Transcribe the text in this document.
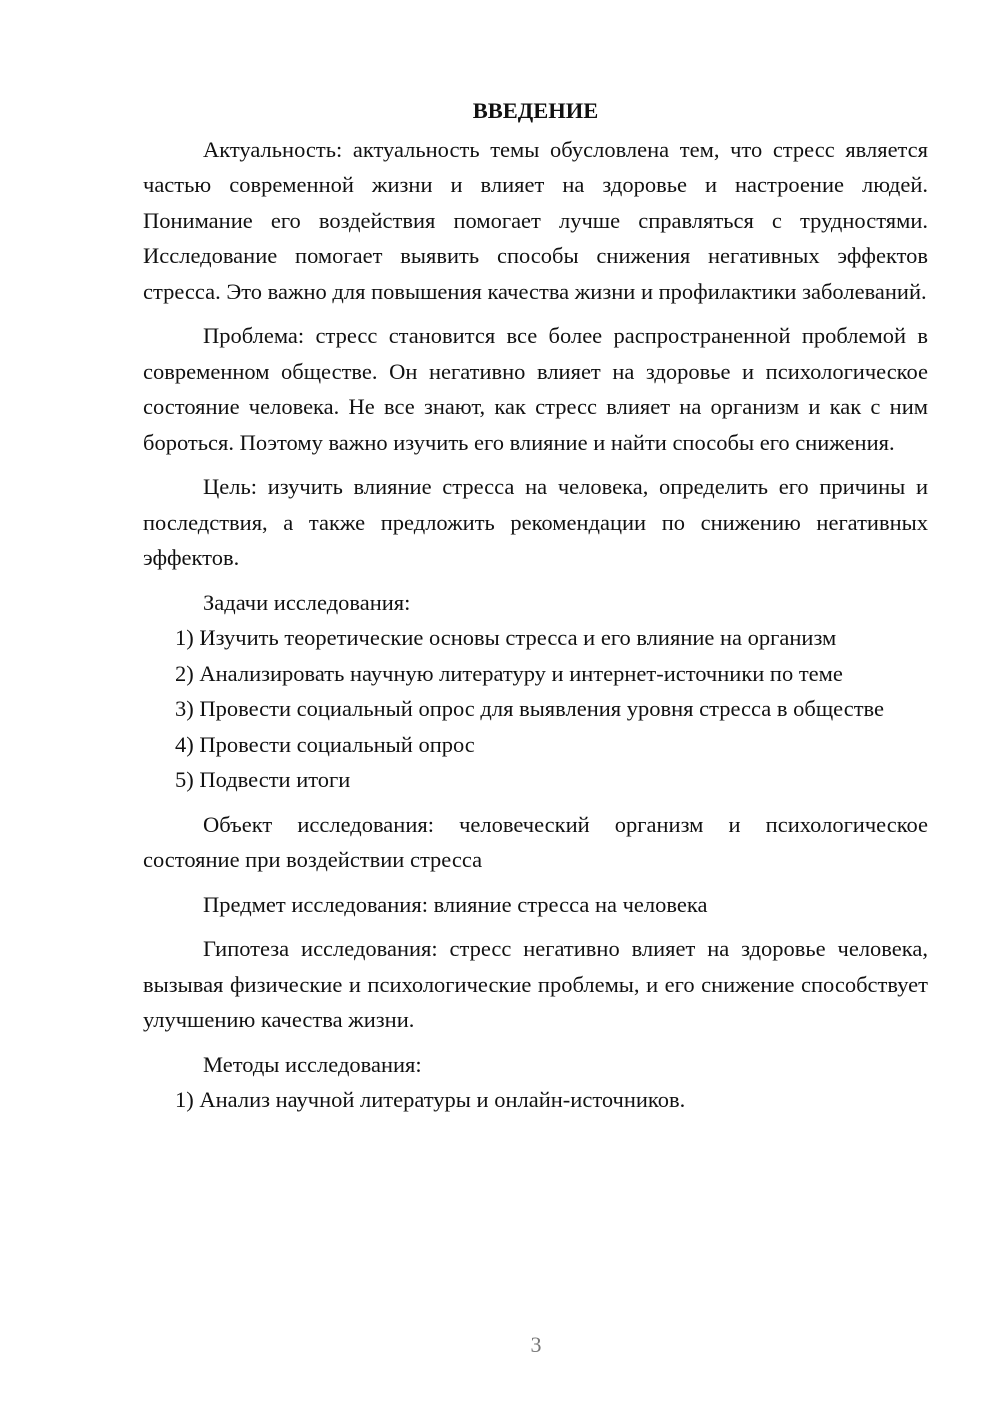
ВВЕДЕНИЕ

Актуальность: актуальность темы обусловлена тем, что стресс является частью современной жизни и влияет на здоровье и настроение людей. Понимание его воздействия помогает лучше справляться с трудностями. Исследование помогает выявить способы снижения негативных эффектов стресса. Это важно для повышения качества жизни и профилактики заболеваний.

Проблема: стресс становится все более распространенной проблемой в современном обществе. Он негативно влияет на здоровье и психологическое состояние человека. Не все знают, как стресс влияет на организм и как с ним бороться. Поэтому важно изучить его влияние и найти способы его снижения.

Цель: изучить влияние стресса на человека, определить его причины и последствия, а также предложить рекомендации по снижению негативных эффектов.

Задачи исследования:

1) Изучить теоретические основы стресса и его влияние на организм

2) Анализировать научную литературу и интернет-источники по теме

3) Провести социальный опрос для выявления уровня стресса в обществе

4) Провести социальный опрос

5) Подвести итоги

Объект исследования: человеческий организм и психологическое состояние при воздействии стресса

Предмет исследования: влияние стресса на человека

Гипотеза исследования: стресс негативно влияет на здоровье человека, вызывая физические и психологические проблемы, и его снижение способствует улучшению качества жизни.

Методы исследования:

1) Анализ научной литературы и онлайн-источников.

3
